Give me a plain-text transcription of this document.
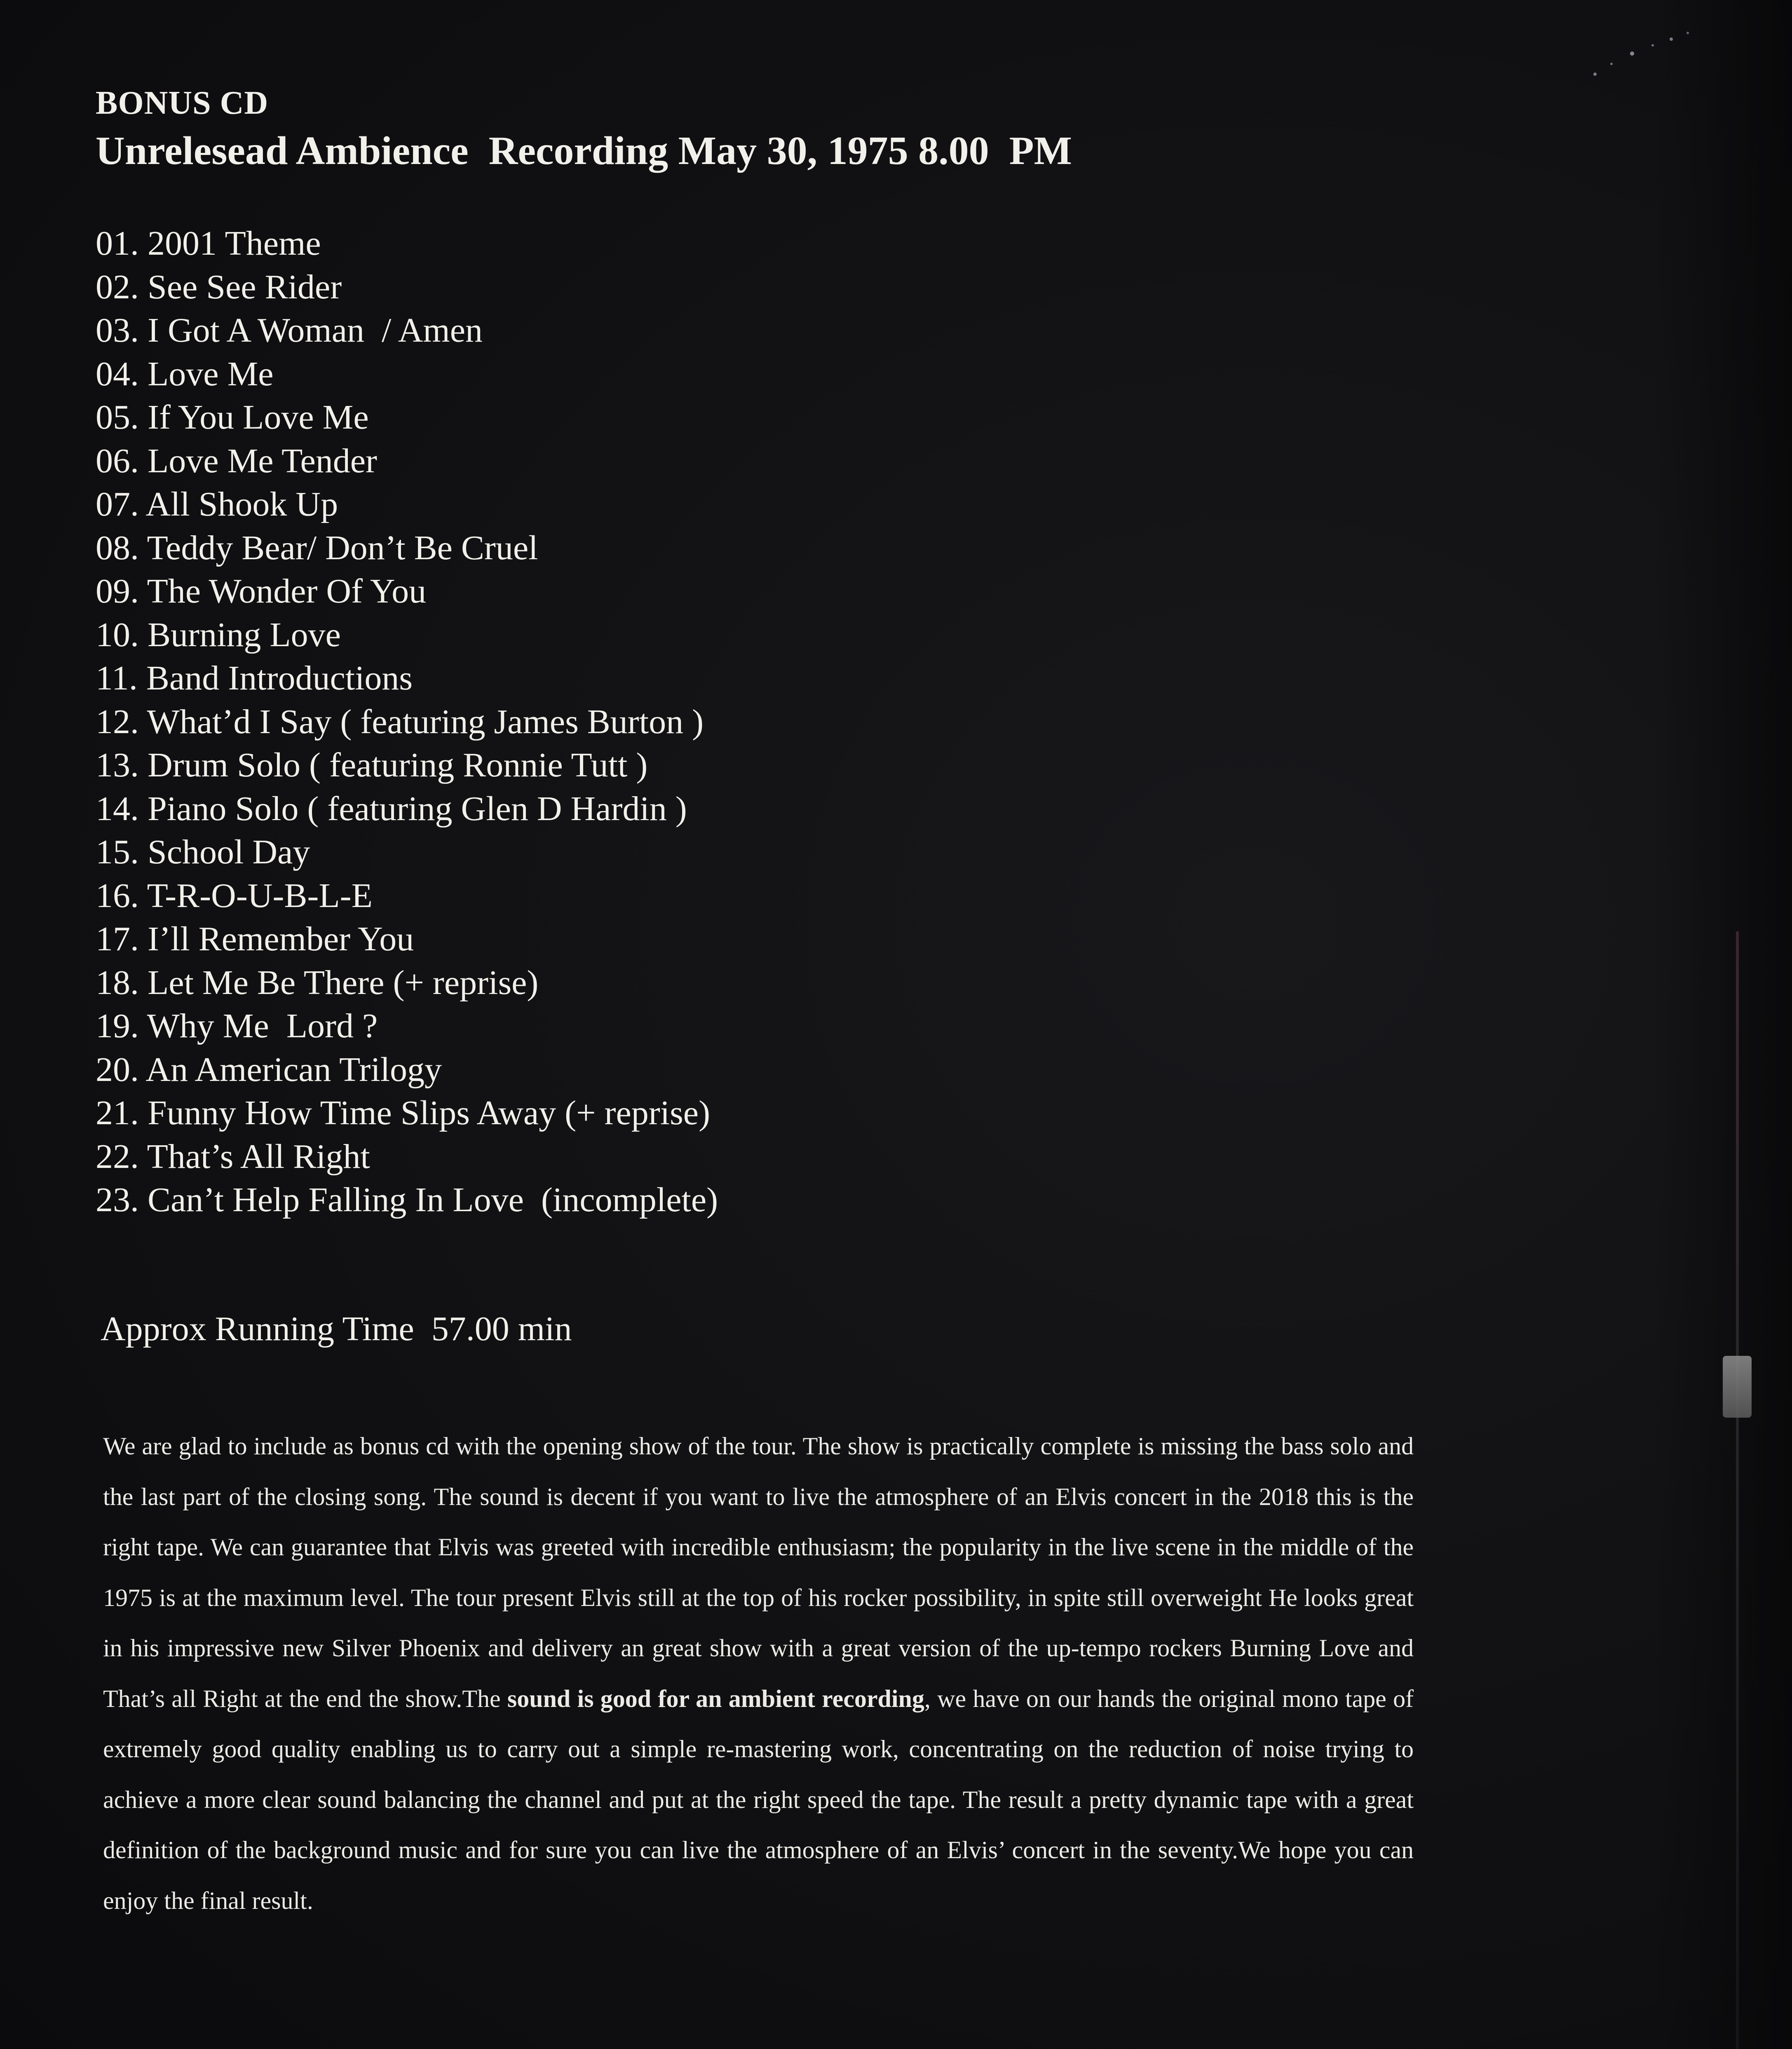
BONUS CD
Unrelesead Ambience  Recording May 30, 1975 8.00  PM
01. 2001 Theme
02. See See Rider
03. I Got A Woman  / Amen
04. Love Me
05. If You Love Me
06. Love Me Tender
07. All Shook Up
08. Teddy Bear/ Don’t Be Cruel
09. The Wonder Of You
10. Burning Love
11. Band Introductions
12. What’d I Say ( featuring James Burton )
13. Drum Solo ( featuring Ronnie Tutt )
14. Piano Solo ( featuring Glen D Hardin )
15. School Day
16. T-R-O-U-B-L-E
17. I’ll Remember You
18. Let Me Be There (+ reprise)
19. Why Me  Lord ?
20. An American Trilogy
21. Funny How Time Slips Away (+ reprise)
22. That’s All Right
23. Can’t Help Falling In Love  (incomplete)
Approx Running Time  57.00 min

We are glad to include as bonus cd with the opening show of the tour. The show is practically complete is missing the bass solo and the last part of the closing song. The sound is decent if you want to live the atmosphere of an Elvis concert in the 2018 this is the right tape. We can guarantee that Elvis was greeted with incredible enthusiasm; the popularity in the live scene in the middle of the 1975 is at the maximum level. The tour present Elvis still at the top of his rocker possibility, in spite still overweight He looks great in his impressive new Silver Phoenix and delivery an great show with a great version of the up-tempo rockers Burning Love and That’s all Right at the end the show.The sound is good for an ambient recording, we have on our hands the original mono tape of extremely good quality enabling us to carry out a simple re-mastering work, concentrating on the reduction of noise trying to achieve a more clear sound balancing the channel and put at the right speed the tape. The result a pretty dynamic tape with a great definition of the background music and for sure you can live the atmosphere of an Elvis’ concert in the seventy.We hope you can enjoy the final result.
